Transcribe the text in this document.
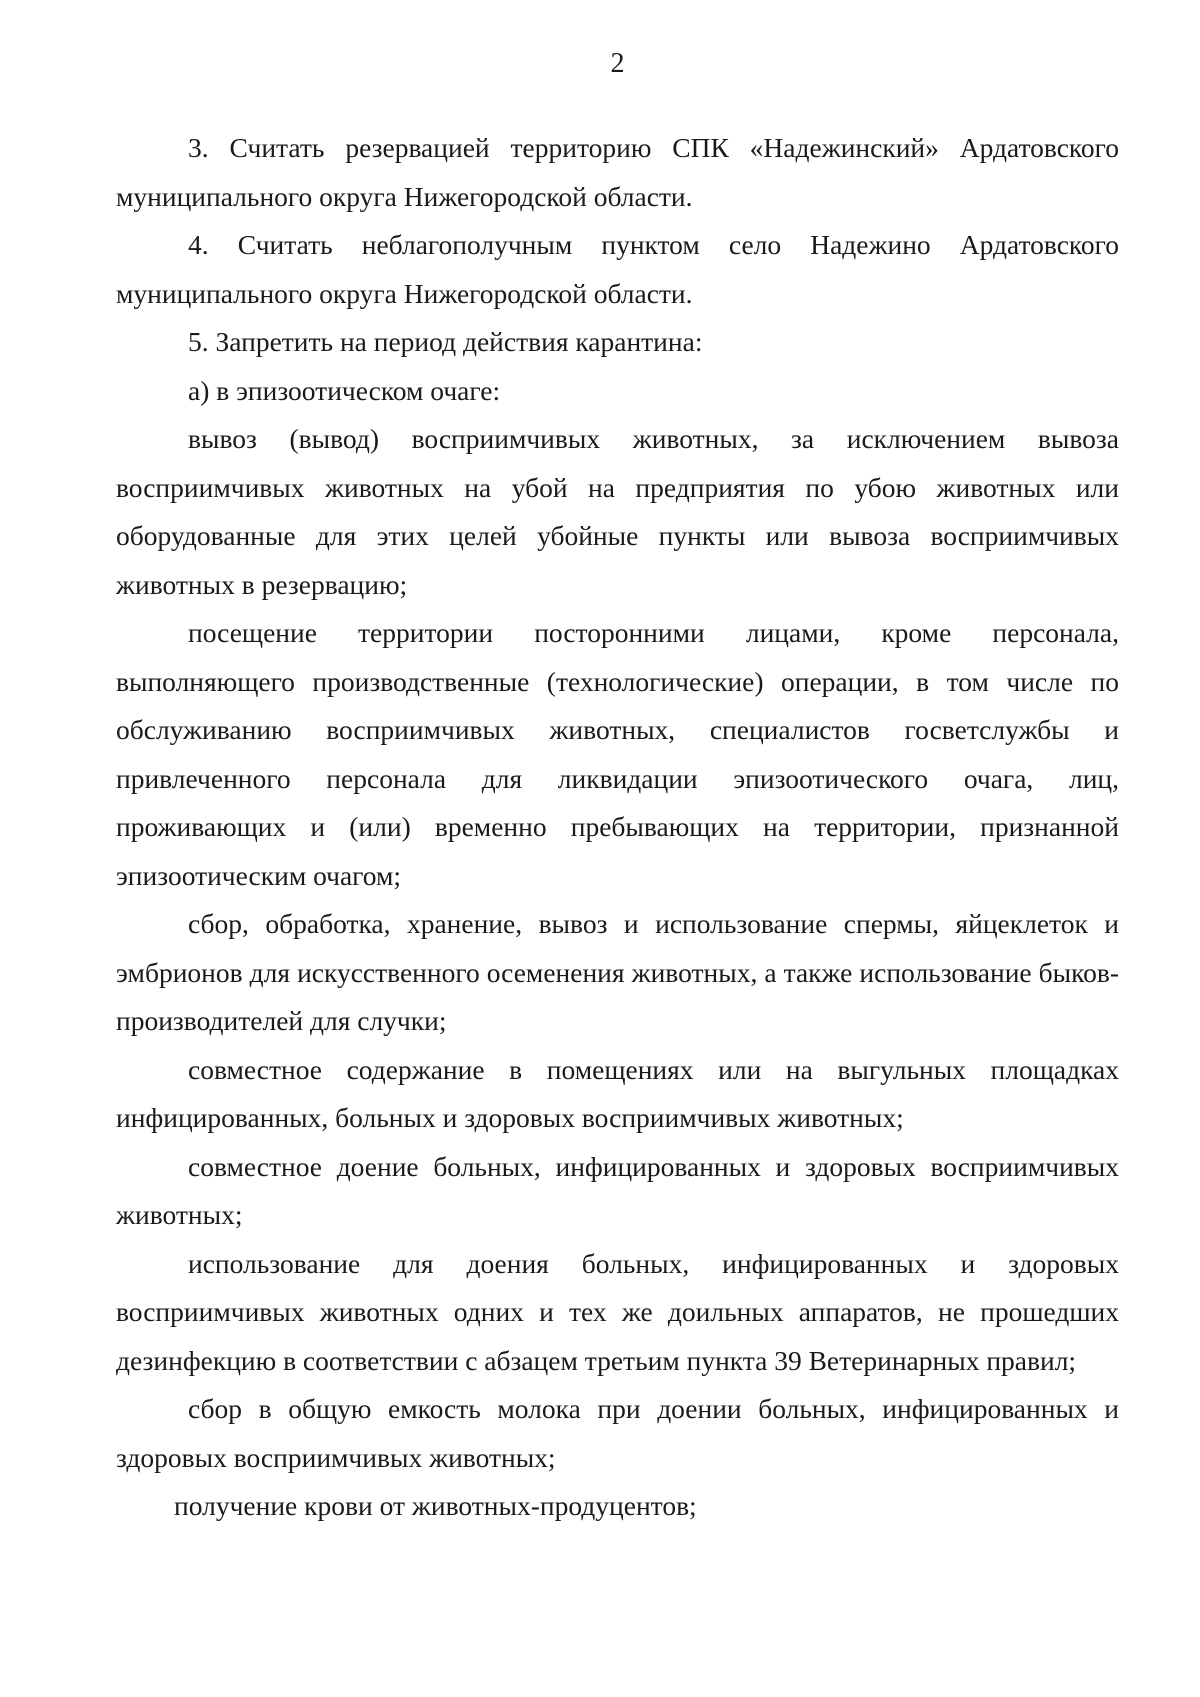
2

3. Считать резервацией территорию СПК «Надежинский» Ардатовского муниципального округа Нижегородской области.

4. Считать неблагополучным пунктом село Надежино Ардатовского муниципального округа Нижегородской области.

5. Запретить на период действия карантина:

а) в эпизоотическом очаге:

вывоз (вывод) восприимчивых животных, за исключением вывоза восприимчивых животных на убой на предприятия по убою животных или оборудованные для этих целей убойные пункты или вывоза восприимчивых животных в резервацию;

посещение территории посторонними лицами, кроме персонала, выполняющего производственные (технологические) операции, в том числе по обслуживанию восприимчивых животных, специалистов госветслужбы и привлеченного персонала для ликвидации эпизоотического очага, лиц, проживающих и (или) временно пребывающих на территории, признанной эпизоотическим очагом;

сбор, обработка, хранение, вывоз и использование спермы, яйцеклеток и эмбрионов для искусственного осеменения животных, а также использование быков-производителей для случки;

совместное содержание в помещениях или на выгульных площадках инфицированных, больных и здоровых восприимчивых животных;

совместное доение больных, инфицированных и здоровых восприимчивых животных;

использование для доения больных, инфицированных и здоровых восприимчивых животных одних и тех же доильных аппаратов, не прошедших дезинфекцию в соответствии с абзацем третьим пункта 39 Ветеринарных правил;

сбор в общую емкость молока при доении больных, инфицированных и здоровых восприимчивых животных;

получение крови от животных-продуцентов;
